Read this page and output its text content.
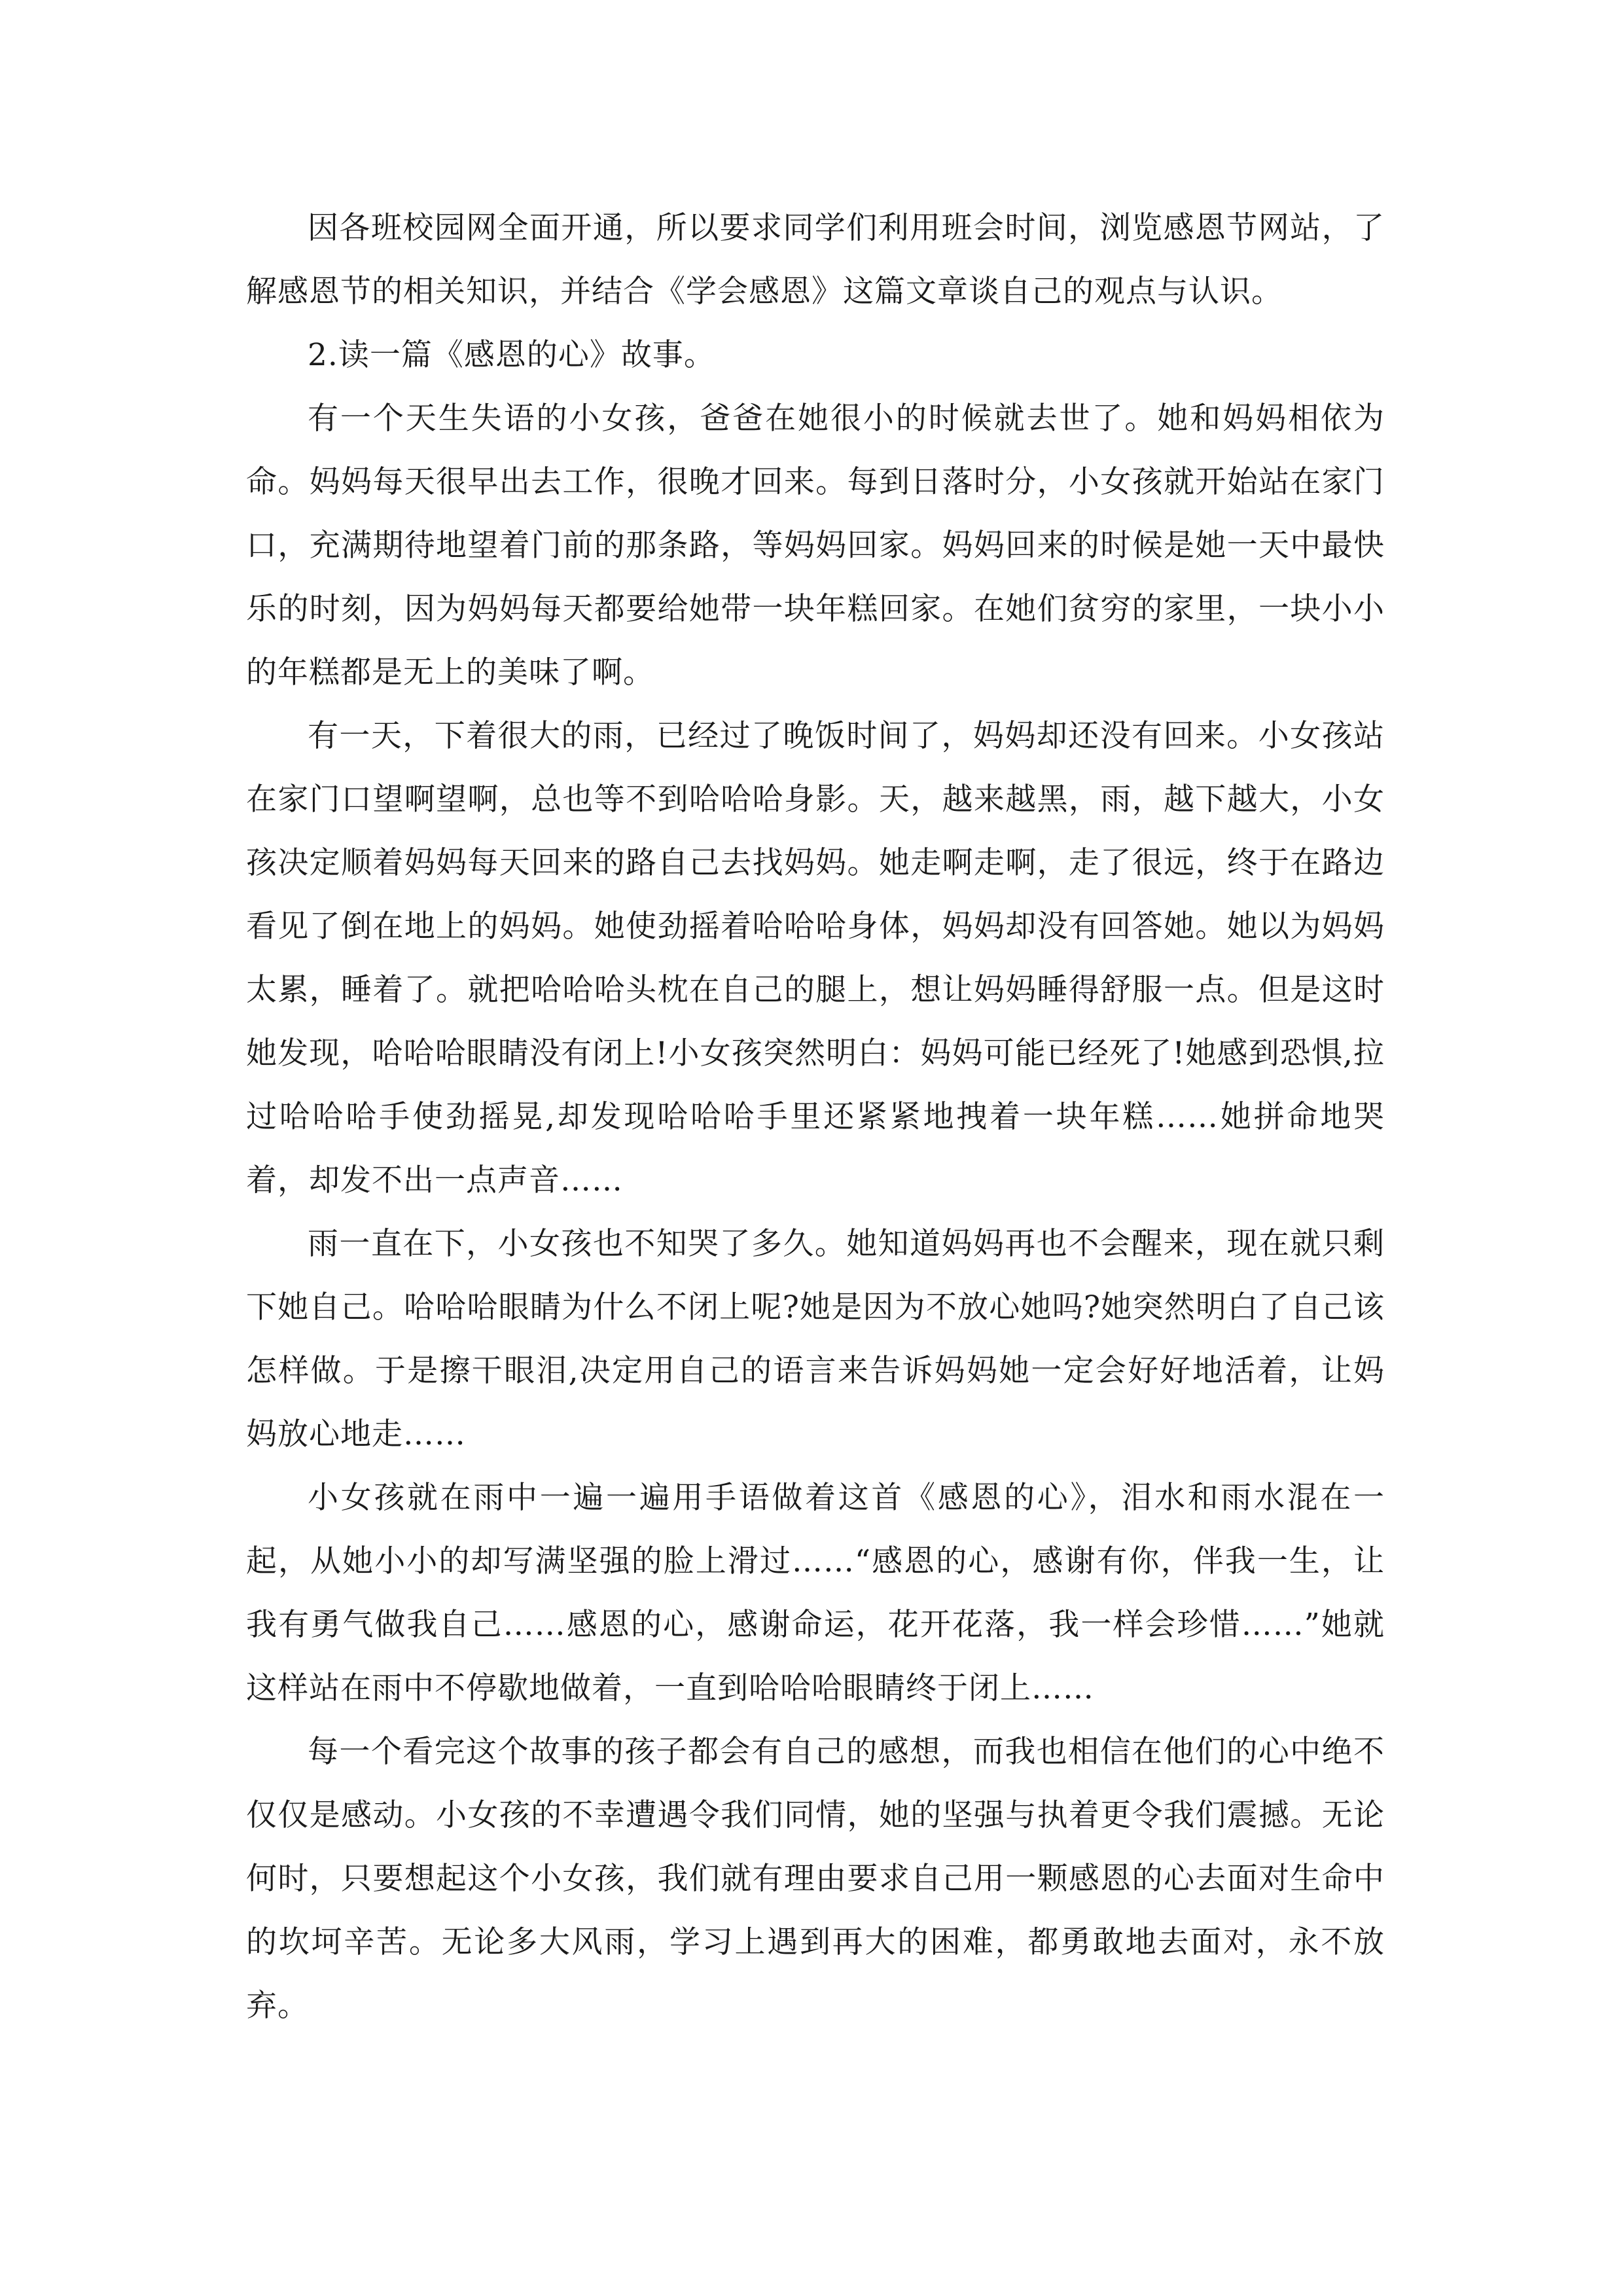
因各班校园网全面开通，所以要求同学们利用班会时间，浏览感恩节网站，了解感恩节的相关知识，并结合《学会感恩》这篇文章谈自己的观点与认识。

2.读一篇《感恩的心》故事。

有一个天生失语的小女孩，爸爸在她很小的时候就去世了。她和妈妈相依为命。妈妈每天很早出去工作，很晚才回来。每到日落时分，小女孩就开始站在家门口，充满期待地望着门前的那条路，等妈妈回家。妈妈回来的时候是她一天中最快乐的时刻，因为妈妈每天都要给她带一块年糕回家。在她们贫穷的家里，一块小小的年糕都是无上的美味了啊。

有一天，下着很大的雨，已经过了晚饭时间了，妈妈却还没有回来。小女孩站在家门口望啊望啊，总也等不到哈哈哈身影。天，越来越黑，雨，越下越大，小女孩决定顺着妈妈每天回来的路自己去找妈妈。她走啊走啊，走了很远，终于在路边看见了倒在地上的妈妈。她使劲摇着哈哈哈身体，妈妈却没有回答她。她以为妈妈太累，睡着了。就把哈哈哈头枕在自己的腿上，想让妈妈睡得舒服一点。但是这时她发现，哈哈哈眼睛没有闭上!小女孩突然明白：妈妈可能已经死了!她感到恐惧,拉过哈哈哈手使劲摇晃,却发现哈哈哈手里还紧紧地拽着一块年糕……她拼命地哭着，却发不出一点声音……

雨一直在下，小女孩也不知哭了多久。她知道妈妈再也不会醒来，现在就只剩下她自己。哈哈哈眼睛为什么不闭上呢?她是因为不放心她吗?她突然明白了自己该怎样做。于是擦干眼泪,决定用自己的语言来告诉妈妈她一定会好好地活着，让妈妈放心地走……

小女孩就在雨中一遍一遍用手语做着这首《感恩的心》，泪水和雨水混在一起，从她小小的却写满坚强的脸上滑过……“感恩的心，感谢有你，伴我一生，让我有勇气做我自己……感恩的心，感谢命运，花开花落，我一样会珍惜……”她就这样站在雨中不停歇地做着，一直到哈哈哈眼睛终于闭上……

每一个看完这个故事的孩子都会有自己的感想，而我也相信在他们的心中绝不仅仅是感动。小女孩的不幸遭遇令我们同情，她的坚强与执着更令我们震撼。无论何时，只要想起这个小女孩，我们就有理由要求自己用一颗感恩的心去面对生命中的坎坷辛苦。无论多大风雨，学习上遇到再大的困难，都勇敢地去面对，永不放弃。
